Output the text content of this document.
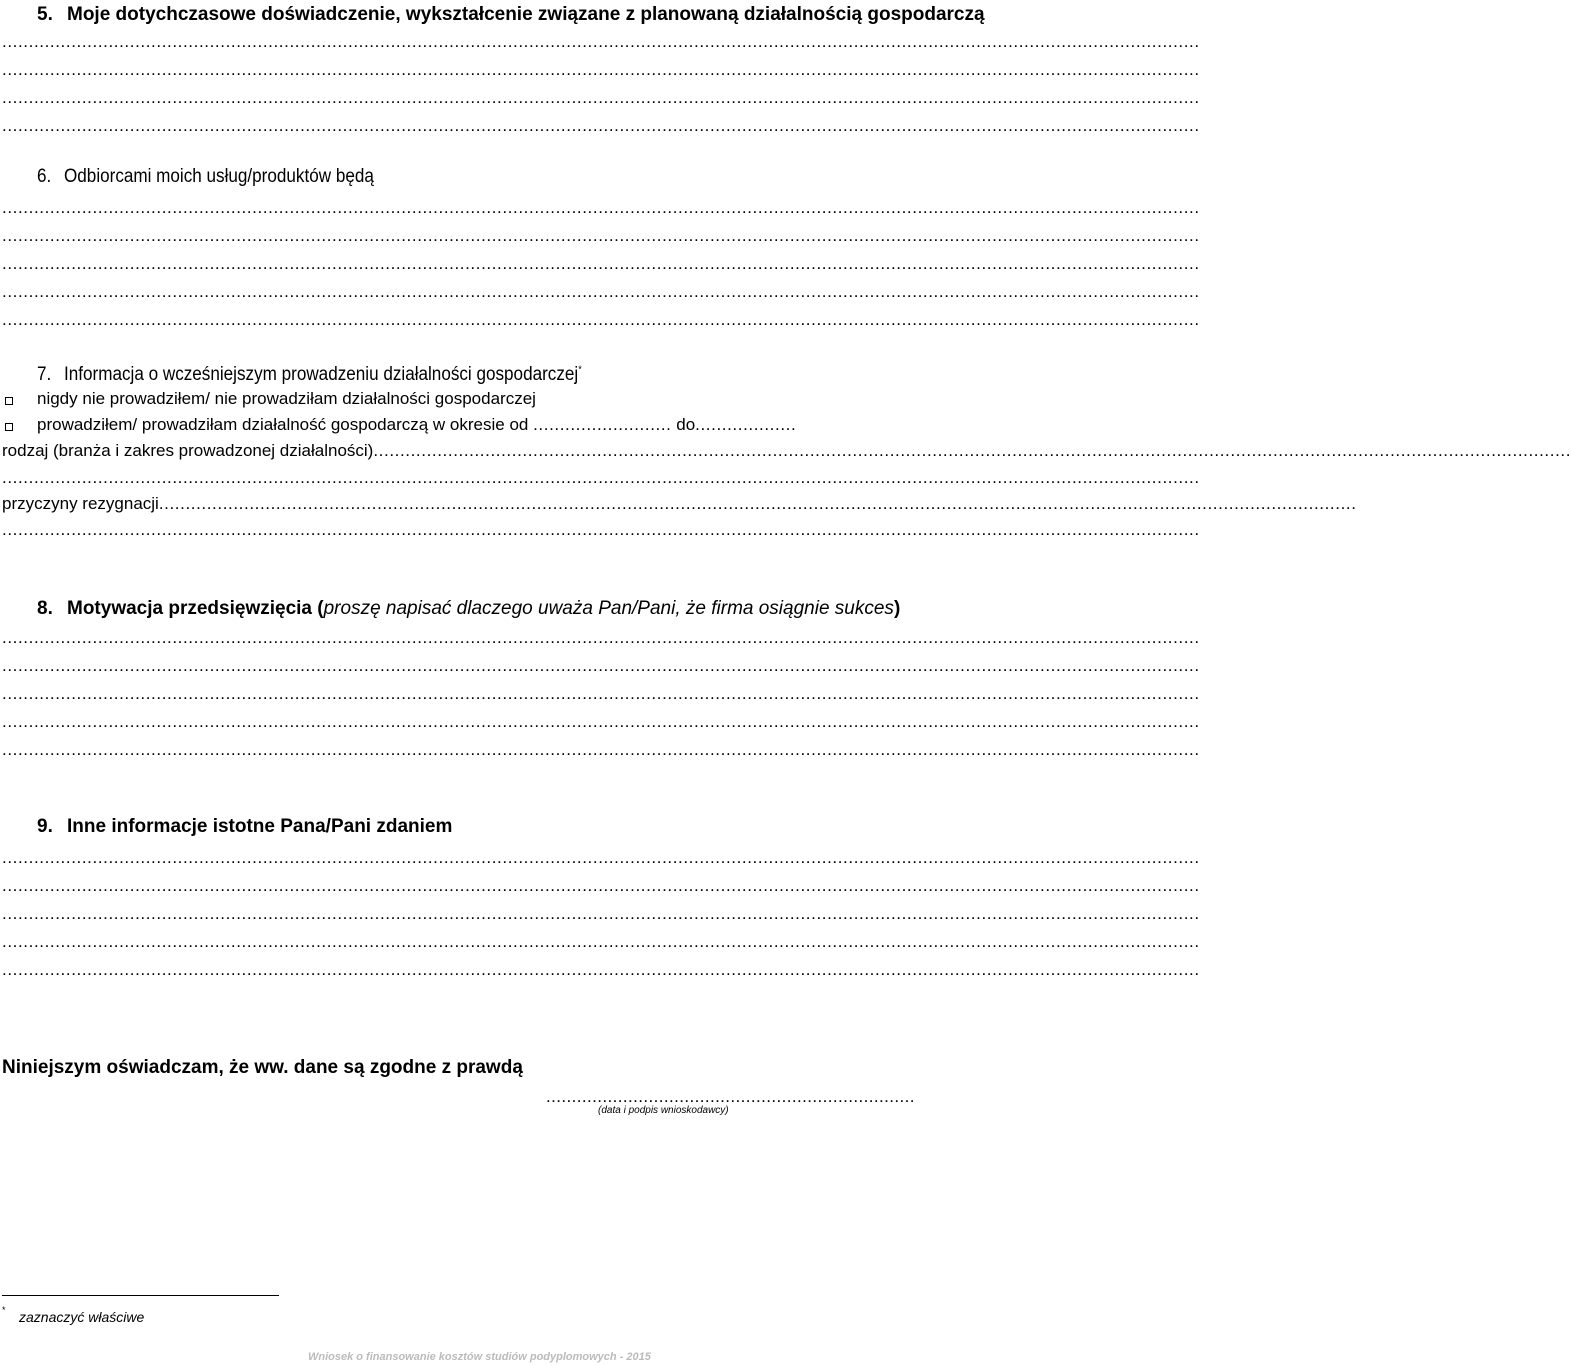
5. Moje dotychczasowe doświadczenie, wykształcenie związane z planowaną działalnością gospodarczą
.................................................................................................................................................................................................................................
.................................................................................................................................................................................................................................
.................................................................................................................................................................................................................................
.................................................................................................................................................................................................................................
6. Odbiorcami moich usług/produktów będą
.................................................................................................................................................................................................................................
.................................................................................................................................................................................................................................
.................................................................................................................................................................................................................................
.................................................................................................................................................................................................................................
.................................................................................................................................................................................................................................
7. Informacja o wcześniejszym prowadzeniu działalności gospodarczej*
nigdy nie prowadziłem/ nie prowadziłam działalności gospodarczej
prowadziłem/ prowadziłam działalność gospodarczą w okresie od .......................... do...................
rodzaj (branża i zakres prowadzonej działalności).................................................................................................................................................................................................................................
.................................................................................................................................................................................................................................
przyczyny rezygnacji.................................................................................................................................................................................................................................
.................................................................................................................................................................................................................................
8. Motywacja przedsięwzięcia (proszę napisać dlaczego uważa Pan/Pani, że firma osiągnie sukces)
.................................................................................................................................................................................................................................
.................................................................................................................................................................................................................................
.................................................................................................................................................................................................................................
.................................................................................................................................................................................................................................
.................................................................................................................................................................................................................................
9. Inne informacje istotne Pana/Pani zdaniem
.................................................................................................................................................................................................................................
.................................................................................................................................................................................................................................
.................................................................................................................................................................................................................................
.................................................................................................................................................................................................................................
.................................................................................................................................................................................................................................
Niniejszym oświadczam, że ww. dane są zgodne z prawdą
........................................................................
(data i podpis wnioskodawcy)
* zaznaczyć właściwe
Wniosek o finansowanie kosztów studiów podyplomowych - 2015
